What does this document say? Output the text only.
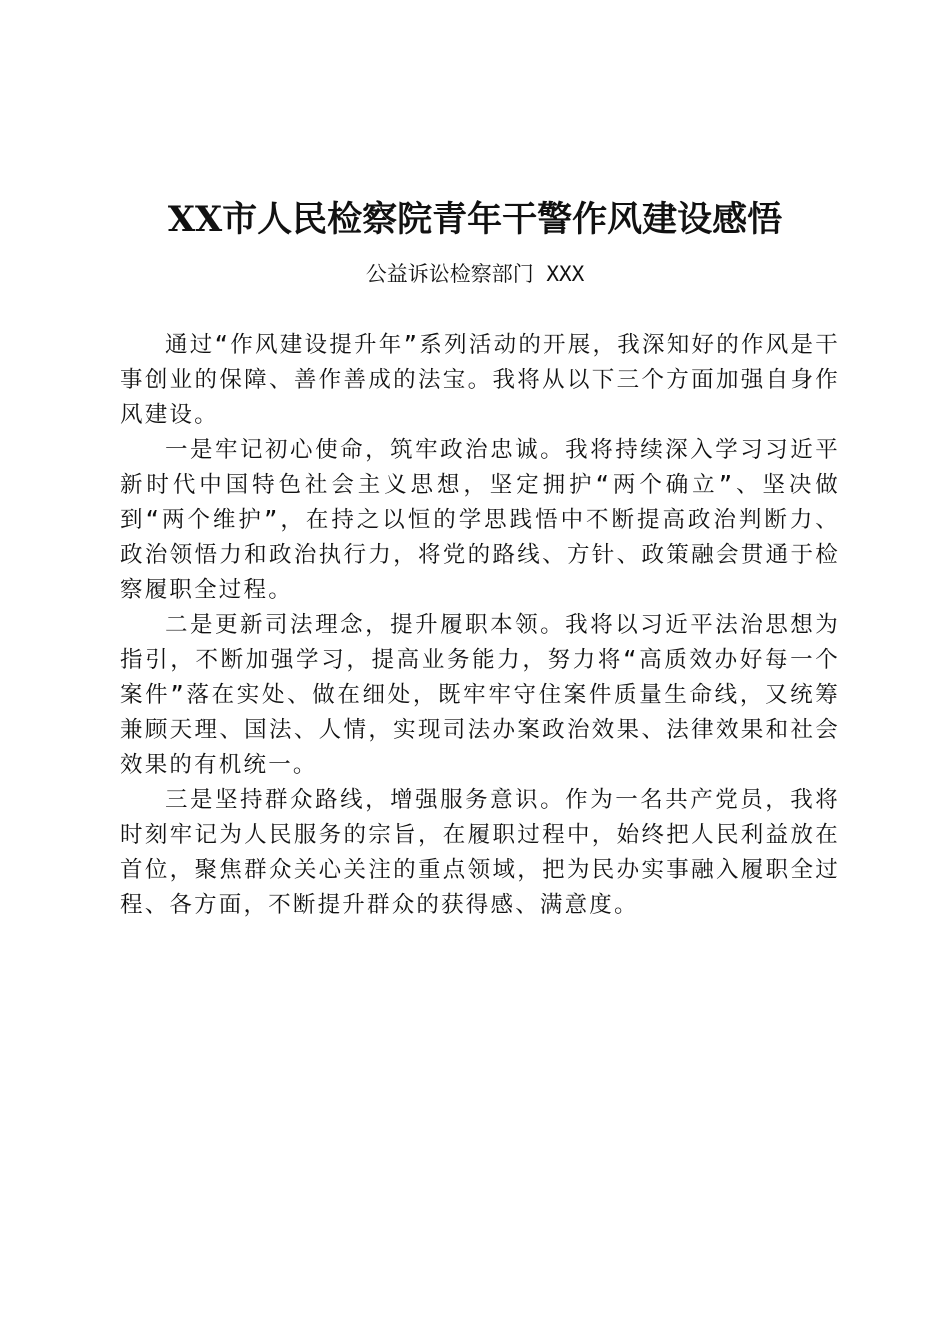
XX市人民检察院青年干警作风建设感悟
公益诉讼检察部门 XXX

通过“作风建设提升年”系列活动的开展，我深知好的作风是干事创业的保障、善作善成的法宝。我将从以下三个方面加强自身作风建设。

一是牢记初心使命，筑牢政治忠诚。我将持续深入学习习近平新时代中国特色社会主义思想，坚定拥护“两个确立”、坚决做到“两个维护”，在持之以恒的学思践悟中不断提高政治判断力、政治领悟力和政治执行力，将党的路线、方针、政策融会贯通于检察履职全过程。

二是更新司法理念，提升履职本领。我将以习近平法治思想为指引，不断加强学习，提高业务能力，努力将“高质效办好每一个案件”落在实处、做在细处，既牢牢守住案件质量生命线，又统筹兼顾天理、国法、人情，实现司法办案政治效果、法律效果和社会效果的有机统一。

三是坚持群众路线，增强服务意识。作为一名共产党员，我将时刻牢记为人民服务的宗旨，在履职过程中，始终把人民利益放在首位，聚焦群众关心关注的重点领域，把为民办实事融入履职全过程、各方面，不断提升群众的获得感、满意度。
